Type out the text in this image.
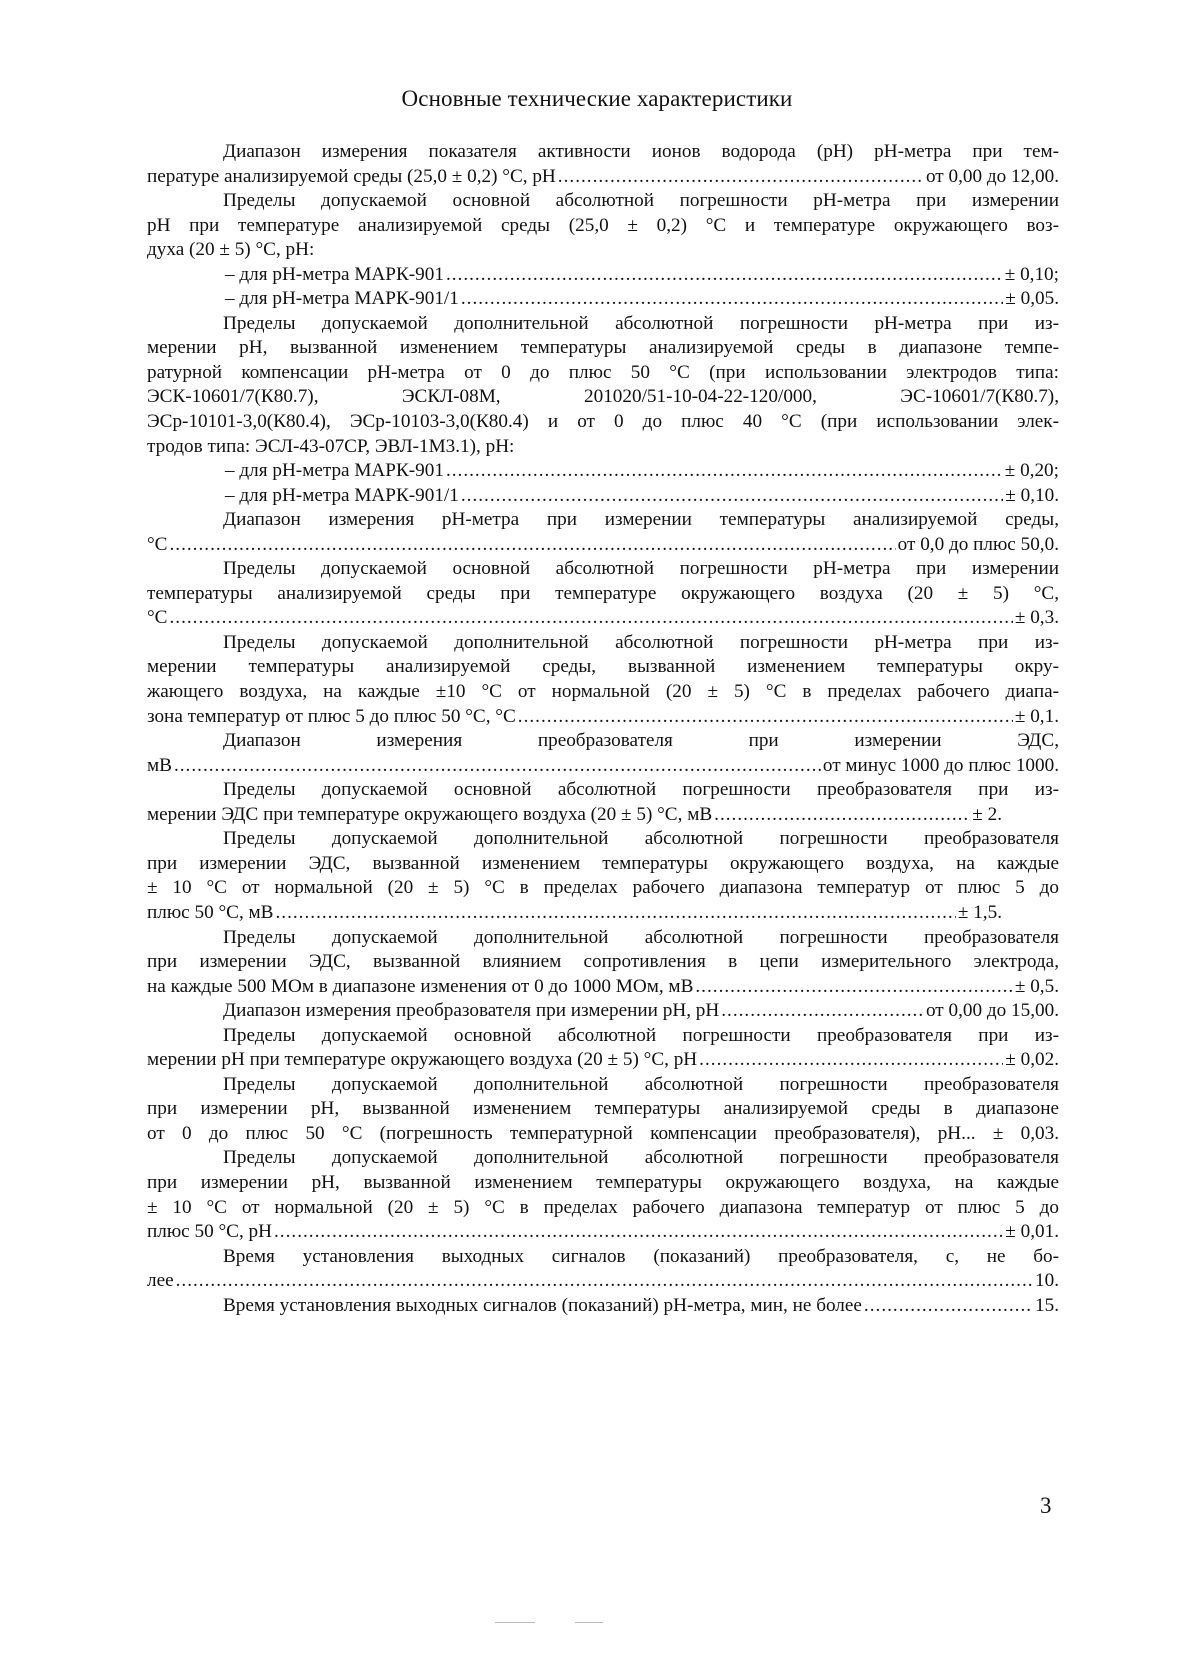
Основные технические характеристики
Диапазон измерения показателя активности ионов водорода (pH) pH-метра при тем-
пературе анализируемой среды (25,0 ± 0,2) °С, pH .....	от 0,00 до 12,00.
Пределы допускаемой основной абсолютной погрешности pH-метра при измерении
pH при температуре анализируемой среды (25,0 ± 0,2) °С и температуре окружающего воз-
духа (20 ± 5) °С, pH:
– для pH-метра МАРК-901 .....	± 0,10;
– для pH-метра МАРК-901/1 .....	± 0,05.
Пределы допускаемой дополнительной абсолютной погрешности pH-метра при из-
мерении pH, вызванной изменением температуры анализируемой среды в диапазоне темпе-
ратурной компенсации pH-метра от 0 до плюс 50 °С (при использовании электродов типа:
ЭСК-10601/7(К80.7), ЭСКЛ-08М, 201020/51-10-04-22-120/000, ЭС-10601/7(К80.7),
ЭСр-10101-3,0(К80.4), ЭСр-10103-3,0(К80.4) и от 0 до плюс 40 °С (при использовании элек-
тродов типа: ЭСЛ-43-07СР, ЭВЛ-1М3.1), pH:
– для pH-метра МАРК-901 .....	± 0,20;
– для pH-метра МАРК-901/1 .....	± 0,10.
Диапазон измерения pH-метра при измерении температуры анализируемой среды,
°С .....	от 0,0 до плюс 50,0.
Пределы допускаемой основной абсолютной погрешности pH-метра при измерении
температуры анализируемой среды при температуре окружающего воздуха (20 ± 5) °С,
°С .....	± 0,3.
Пределы допускаемой дополнительной абсолютной погрешности pH-метра при из-
мерении температуры анализируемой среды, вызванной изменением температуры окру-
жающего воздуха, на каждые ±10 °С от нормальной (20 ± 5) °С в пределах рабочего диапа-
зона температур от плюс 5 до плюс 50 °С, °С .....	± 0,1.
Диапазон измерения преобразователя при измерении ЭДС,
мВ .....	от минус 1000 до плюс 1000.
Пределы допускаемой основной абсолютной погрешности преобразователя при из-
мерении ЭДС при температуре окружающего воздуха (20 ± 5) °С, мВ .....	± 2.
Пределы допускаемой дополнительной абсолютной погрешности преобразователя
при измерении ЭДС, вызванной изменением температуры окружающего воздуха, на каждые
± 10 °С от нормальной (20 ± 5) °С в пределах рабочего диапазона температур от плюс 5 до
плюс 50 °С, мВ .....	± 1,5.
Пределы допускаемой дополнительной абсолютной погрешности преобразователя
при измерении ЭДС, вызванной влиянием сопротивления в цепи измерительного электрода,
на каждые 500 МОм в диапазоне изменения от 0 до 1000 МОм, мВ .....	± 0,5.
Диапазон измерения преобразователя при измерении pH, pH .....	от 0,00 до 15,00.
Пределы допускаемой основной абсолютной погрешности преобразователя при из-
мерении pH при температуре окружающего воздуха (20 ± 5) °С, pH .....	± 0,02.
Пределы допускаемой дополнительной абсолютной погрешности преобразователя
при измерении pH, вызванной изменением температуры анализируемой среды в диапазоне
от 0 до плюс 50 °С (погрешность температурной компенсации преобразователя), pH... ± 0,03.
Пределы допускаемой дополнительной абсолютной погрешности преобразователя
при измерении pH, вызванной изменением температуры окружающего воздуха, на каждые
± 10 °С от нормальной (20 ± 5) °С в пределах рабочего диапазона температур от плюс 5 до
плюс 50 °С, pH .....	± 0,01.
Время установления выходных сигналов (показаний) преобразователя, с, не бо-
лее .....	10.
Время установления выходных сигналов (показаний) pH-метра, мин, не более .....	15.
3
